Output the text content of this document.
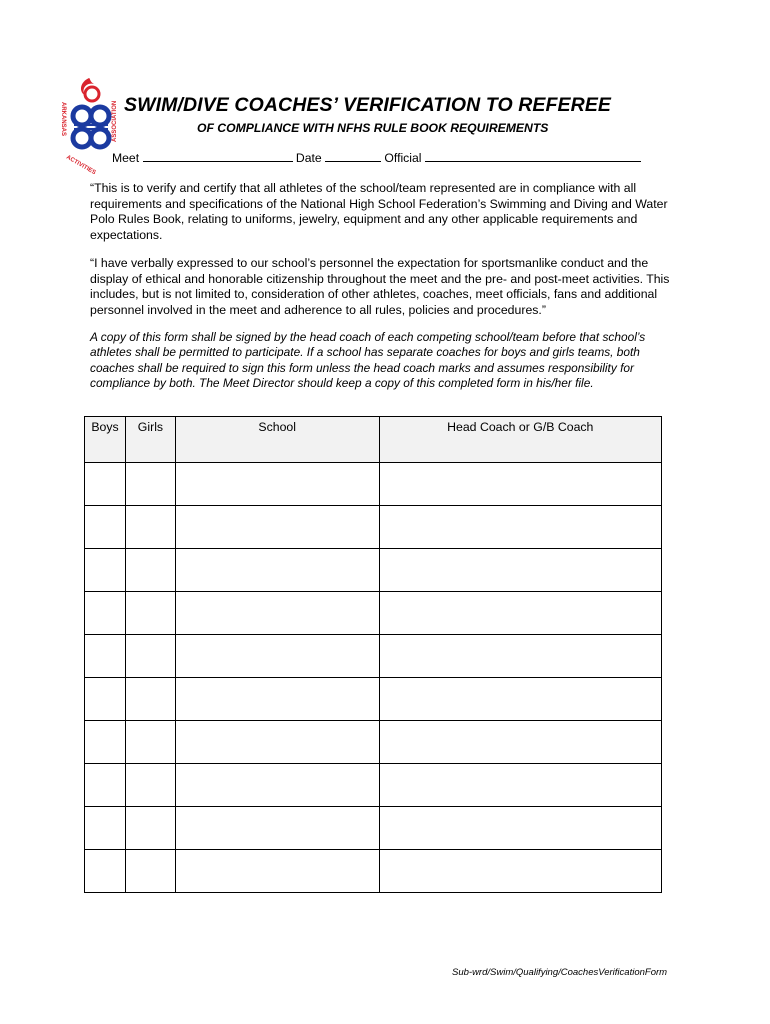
ARKANSAS
ACTIVITIES
ASSOCIATION SWIM/DIVE COACHES’ VERIFICATION TO REFEREE
OF COMPLIANCE WITH NFHS RULE BOOK REQUIREMENTS
Meet	Date	Official

“This is to verify and certify that all athletes of the school/team represented are in compliance with all requirements and specifications of the National High School Federation’s Swimming and Diving and Water Polo Rules Book, relating to uniforms, jewelry, equipment and any other applicable requirements and expectations.

“I have verbally expressed to our school’s personnel the expectation for sportsmanlike conduct and the display of ethical and honorable citizenship throughout the meet and the pre- and post-meet activities. This includes, but is not limited to, consideration of other athletes, coaches, meet officials, fans and additional personnel involved in the meet and adherence to all rules, policies and procedures.”

A copy of this form shall be signed by the head coach of each competing school/team before that school’s athletes shall be permitted to participate. If a school has separate coaches for boys and girls teams, both coaches shall be required to sign this form unless the head coach marks and assumes responsibility for compliance by both. The Meet Director should keep a copy of this completed form in his/her file.

Boys	Girls	School	Head Coach or G/B Coach

Sub-wrd/Swim/Qualifying/CoachesVerificationForm
